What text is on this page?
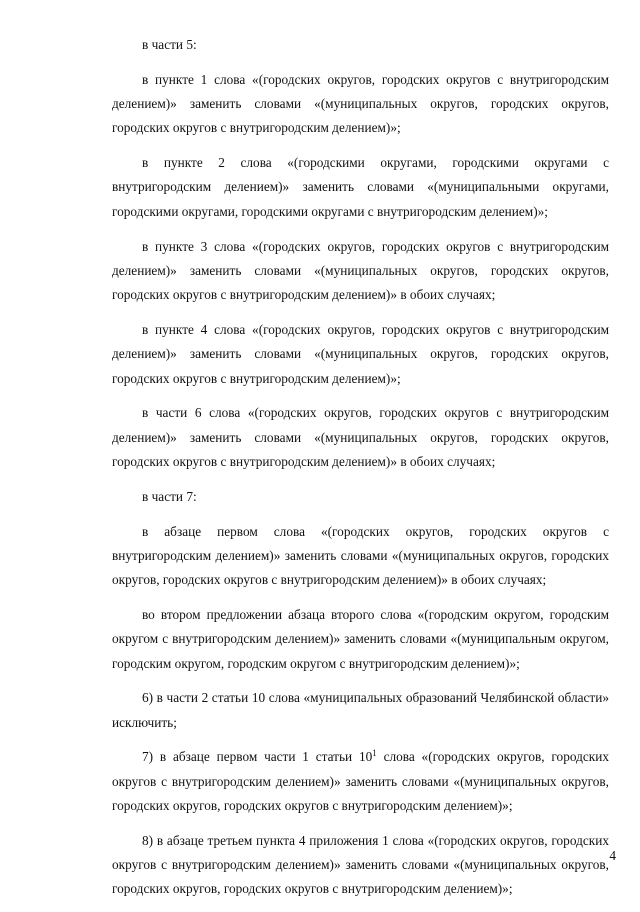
в части 5:

в пункте 1 слова «(городских округов, городских округов с внутригородским делением)» заменить словами «(муниципальных округов, городских округов, городских округов с внутригородским делением)»;

в пункте 2 слова «(городскими округами, городскими округами с внутригородским делением)» заменить словами «(муниципальными округами, городскими округами, городскими округами с внутригородским делением)»;

в пункте 3 слова «(городских округов, городских округов с внутригородским делением)» заменить словами «(муниципальных округов, городских округов, городских округов с внутригородским делением)» в обоих случаях;

в пункте 4 слова «(городских округов, городских округов с внутригородским делением)» заменить словами «(муниципальных округов, городских округов, городских округов с внутригородским делением)»;

в части 6 слова «(городских округов, городских округов с внутригородским делением)» заменить словами «(муниципальных округов, городских округов, городских округов с внутригородским делением)» в обоих случаях;

в части 7:

в абзаце первом слова «(городских округов, городских округов с внутригородским делением)» заменить словами «(муниципальных округов, городских округов, городских округов с внутригородским делением)» в обоих случаях;

во втором предложении абзаца второго слова «(городским округом, городским округом с внутригородским делением)» заменить словами «(муниципальным округом, городским округом, городским округом с внутригородским делением)»;

6) в части 2 статьи 10 слова «муниципальных образований Челябинской области» исключить;

7) в абзаце первом части 1 статьи $10^1$ слова «(городских округов, городских округов с внутригородским делением)» заменить словами «(муниципальных округов, городских округов, городских округов с внутригородским делением)»;

8) в абзаце третьем пункта 4 приложения 1 слова «(городских округов, городских округов с внутригородским делением)» заменить словами «(муниципальных округов, городских округов, городских округов с внутригородским делением)»;

4
